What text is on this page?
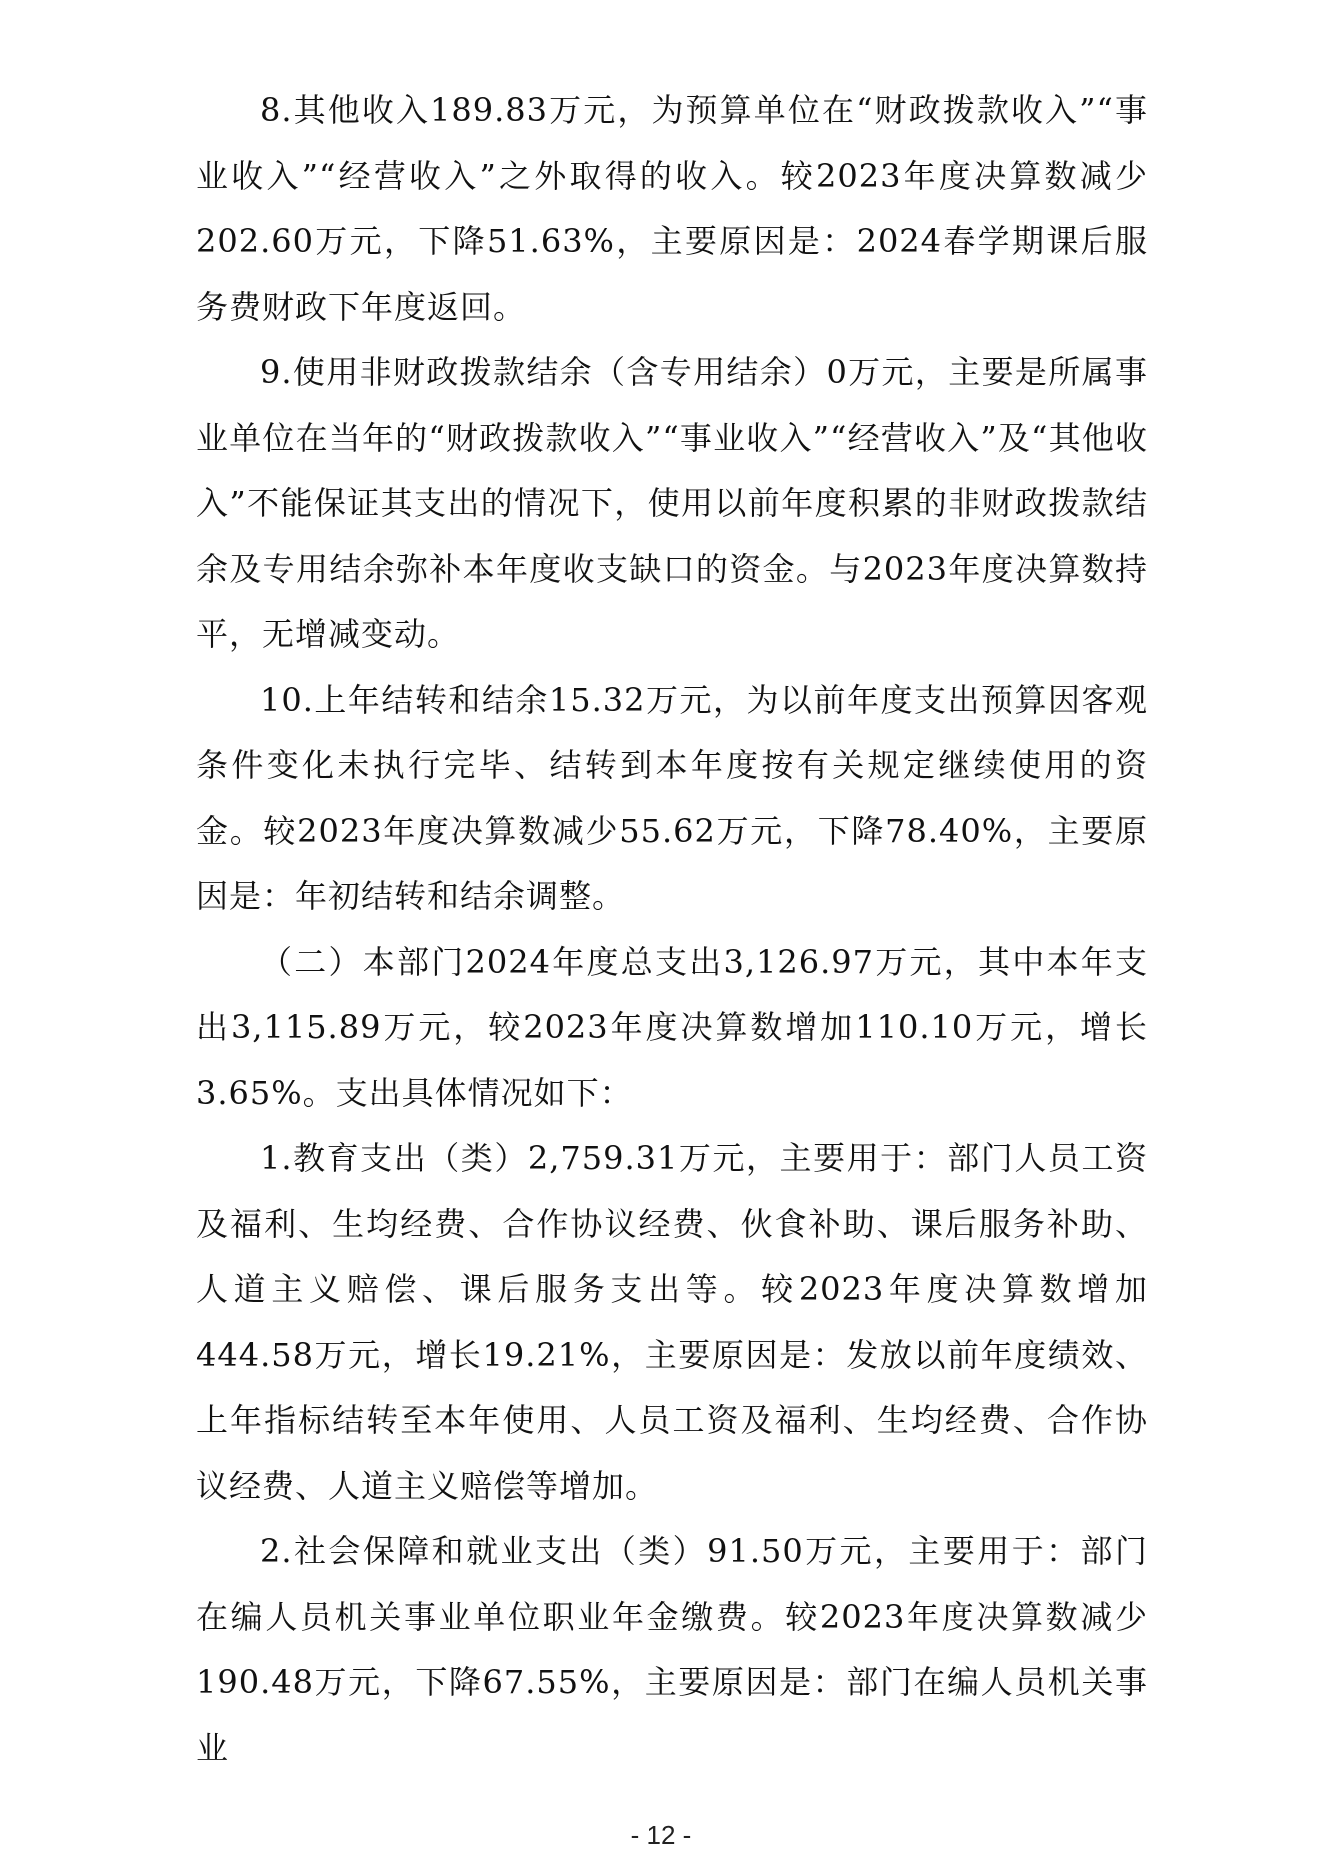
8.其他收入189.83万元，为预算单位在“财政拨款收入”“事业收入”“经营收入”之外取得的收入。较2023年度决算数减少202.60万元，下降51.63%，主要原因是：2024春学期课后服务费财政下年度返回。

9.使用非财政拨款结余（含专用结余）0万元，主要是所属事业单位在当年的“财政拨款收入”“事业收入”“经营收入”及“其他收入”不能保证其支出的情况下，使用以前年度积累的非财政拨款结余及专用结余弥补本年度收支缺口的资金。与2023年度决算数持平，无增减变动。

10.上年结转和结余15.32万元，为以前年度支出预算因客观条件变化未执行完毕、结转到本年度按有关规定继续使用的资金。较2023年度决算数减少55.62万元，下降78.40%，主要原因是：年初结转和结余调整。

（二）本部门2024年度总支出3,126.97万元，其中本年支出3,115.89万元，较2023年度决算数增加110.10万元，增长3.65%。支出具体情况如下：

1.教育支出（类）2,759.31万元，主要用于：部门人员工资及福利、生均经费、合作协议经费、伙食补助、课后服务补助、人道主义赔偿、课后服务支出等。较2023年度决算数增加444.58万元，增长19.21%，主要原因是：发放以前年度绩效、上年指标结转至本年使用、人员工资及福利、生均经费、合作协议经费、人道主义赔偿等增加。

2.社会保障和就业支出（类）91.50万元，主要用于：部门在编人员机关事业单位职业年金缴费。较2023年度决算数减少190.48万元，下降67.55%，主要原因是：部门在编人员机关事业

- 12 -
